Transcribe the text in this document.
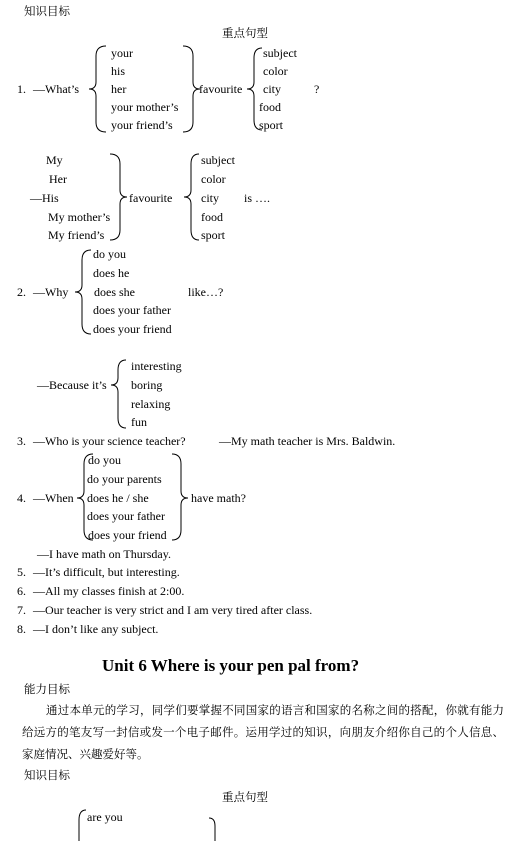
知识目标
重点句型
1. —What’s
your
his
her
your mother’s
your friend’s
favourite
subject
color
city
food
sport
?
My
Her
—His
My mother’s
My friend’s
favourite
subject
color
city
food
sport
is ….
2. —Why
do you
does he
does she
does your father
does your friend
like…?
—Because it’s
interesting
boring
relaxing
fun
3. —Who is your science teacher?	—My math teacher is Mrs. Baldwin.
4. —When
do you
do your parents
does he / she
does your father
does your friend
have math?
—I have math on Thursday.
5. —It’s difficult, but interesting.
6. —All my classes finish at 2:00.
7. —Our teacher is very strict and I am very tired after class.
8. —I don’t like any subject.
Unit 6 Where is your pen pal from?
能力目标
通过本单元的学习，同学们要掌握不同国家的语言和国家的名称之间的搭配，你就有能力给远方的笔友写一封信或发一个电子邮件。运用学过的知识，向朋友介绍你自己的个人信息、家庭情况、兴趣爱好等。
知识目标
重点句型
are you
